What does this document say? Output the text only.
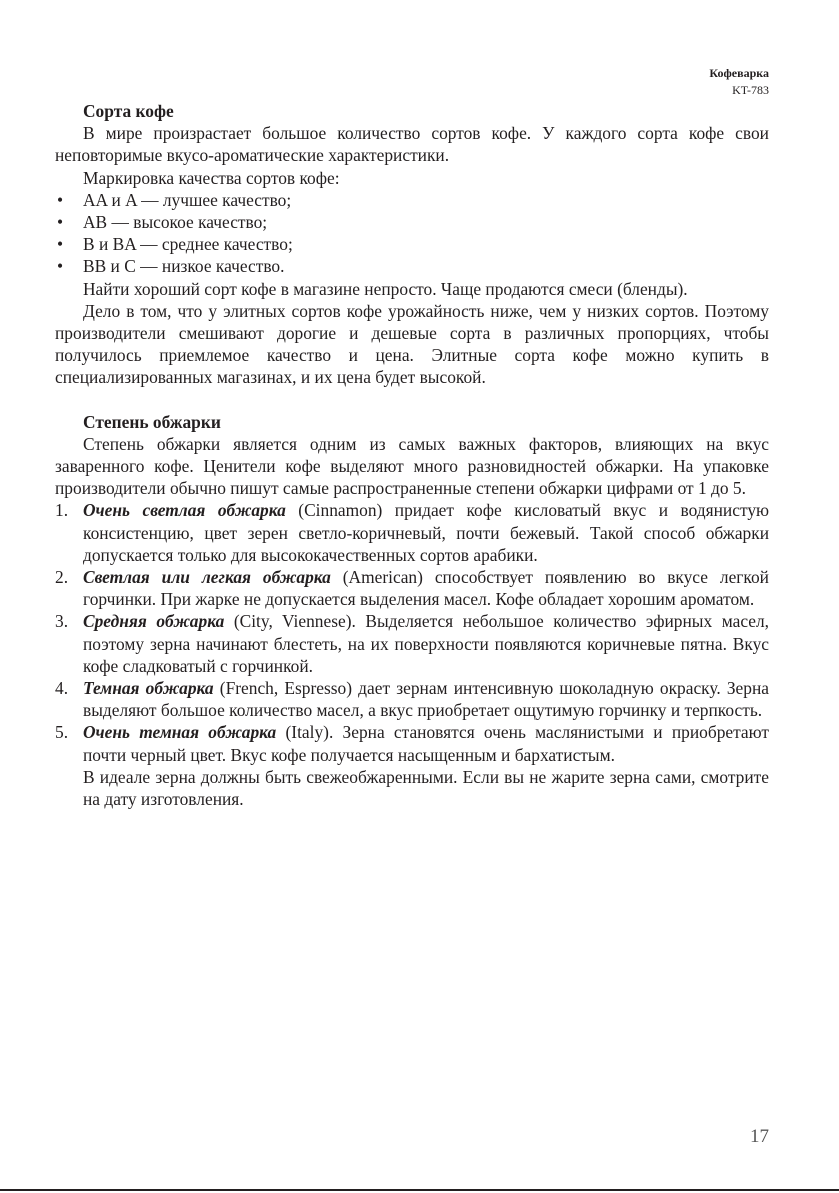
Кофеварка
KT-783

Сорта кофе

В мире произрастает большое количество сортов кофе. У каждого сорта кофе свои неповторимые вкусо-ароматические характеристики.

Маркировка качества сортов кофе:

• AA и A — лучшее качество;
• AB — высокое качество;
• B и BA — среднее качество;
• BB и C — низкое качество.

Найти хороший сорт кофе в магазине непросто. Чаще продаются смеси (бленды).

Дело в том, что у элитных сортов кофе урожайность ниже, чем у низких сортов. Поэтому производители смешивают дорогие и дешевые сорта в различных пропорциях, чтобы получилось приемлемое качество и цена. Элитные сорта кофе можно купить в специализированных магазинах, и их цена будет высокой.

Степень обжарки

Степень обжарки является одним из самых важных факторов, влияющих на вкус заваренного кофе. Ценители кофе выделяют много разновидностей обжарки. На упаковке производители обычно пишут самые распространенные степени обжарки цифрами от 1 до 5.

1. Очень светлая обжарка (Cinnamon) придает кофе кисловатый вкус и водянистую консистенцию, цвет зерен светло-коричневый, почти бежевый. Такой способ обжарки допускается только для высококачественных сортов арабики.
2. Светлая или легкая обжарка (American) способствует появлению во вкусе легкой горчинки. При жарке не допускается выделения масел. Кофе обладает хорошим ароматом.
3. Средняя обжарка (City, Viennese). Выделяется небольшое количество эфирных масел, поэтому зерна начинают блестеть, на их поверхности появляются коричневые пятна. Вкус кофе сладковатый с горчинкой.
4. Темная обжарка (French, Espresso) дает зернам интенсивную шоколадную окраску. Зерна выделяют большое количество масел, а вкус приобретает ощутимую горчинку и терпкость.
5. Очень темная обжарка (Italy). Зерна становятся очень маслянистыми и приобретают почти черный цвет. Вкус кофе получается насыщенным и бархатистым.

В идеале зерна должны быть свежеобжаренными. Если вы не жарите зерна сами, смотрите на дату изготовления.

17
